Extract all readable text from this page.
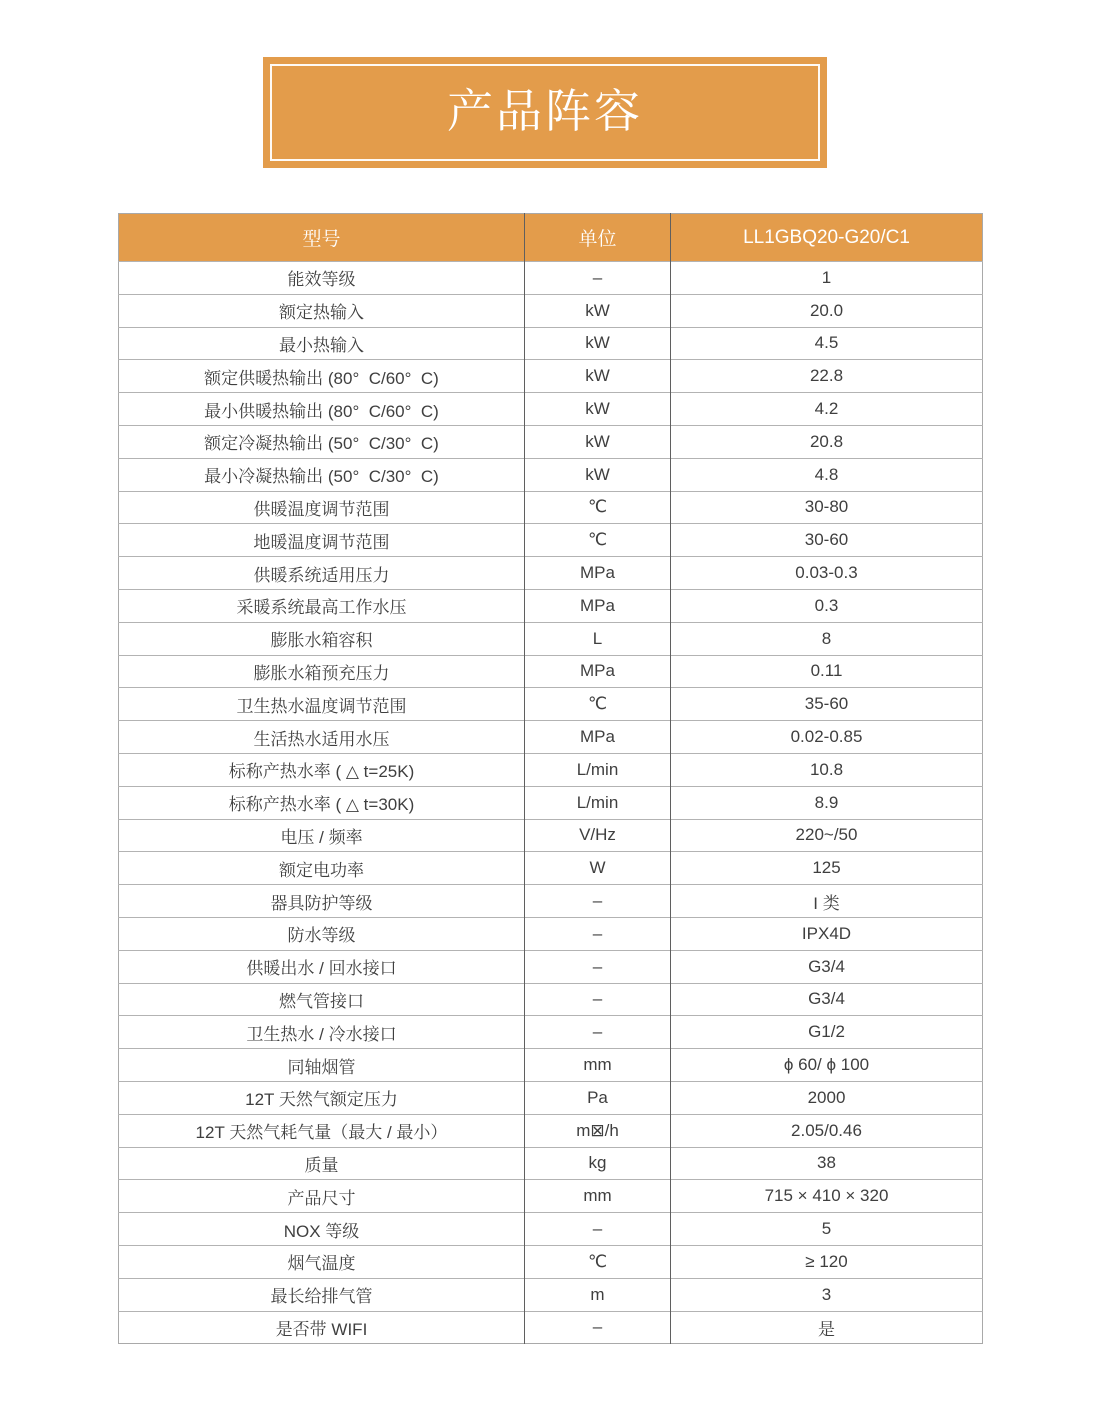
产品阵容
型号	单位	LL1GBQ20-G20/C1
能效等级	–	1
额定热输入	kW	20.0
最小热输入	kW	4.5
额定供暖热输出 (80°  C/60°  C)	kW	22.8
最小供暖热输出 (80°  C/60°  C)	kW	4.2
额定冷凝热输出 (50°  C/30°  C)	kW	20.8
最小冷凝热输出 (50°  C/30°  C)	kW	4.8
供暖温度调节范围	℃	30-80
地暖温度调节范围	℃	30-60
供暖系统适用压力	MPa	0.03-0.3
采暖系统最高工作水压	MPa	0.3
膨胀水箱容积	L	8
膨胀水箱预充压力	MPa	0.11
卫生热水温度调节范围	℃	35-60
生活热水适用水压	MPa	0.02-0.85
标称产热水率 ( △ t=25K)	L/min	10.8
标称产热水率 ( △ t=30K)	L/min	8.9
电压 / 频率	V/Hz	220~/50
额定电功率	W	125
器具防护等级	–	I 类
防水等级	–	IPX4D
供暖出水 / 回水接口	–	G3/4
燃气管接口	–	G3/4
卫生热水 / 冷水接口	–	G1/2
同轴烟管	mm	ϕ 60/ ϕ 100
12T 天然气额定压力	Pa	2000
12T 天然气耗气量（最大 / 最小）	m⊠/h	2.05/0.46
质量	kg	38
产品尺寸	mm	715 × 410 × 320
NOX 等级	–	5
烟气温度	℃	≥ 120
最长给排气管	m	3
是否带 WIFI	–	是
